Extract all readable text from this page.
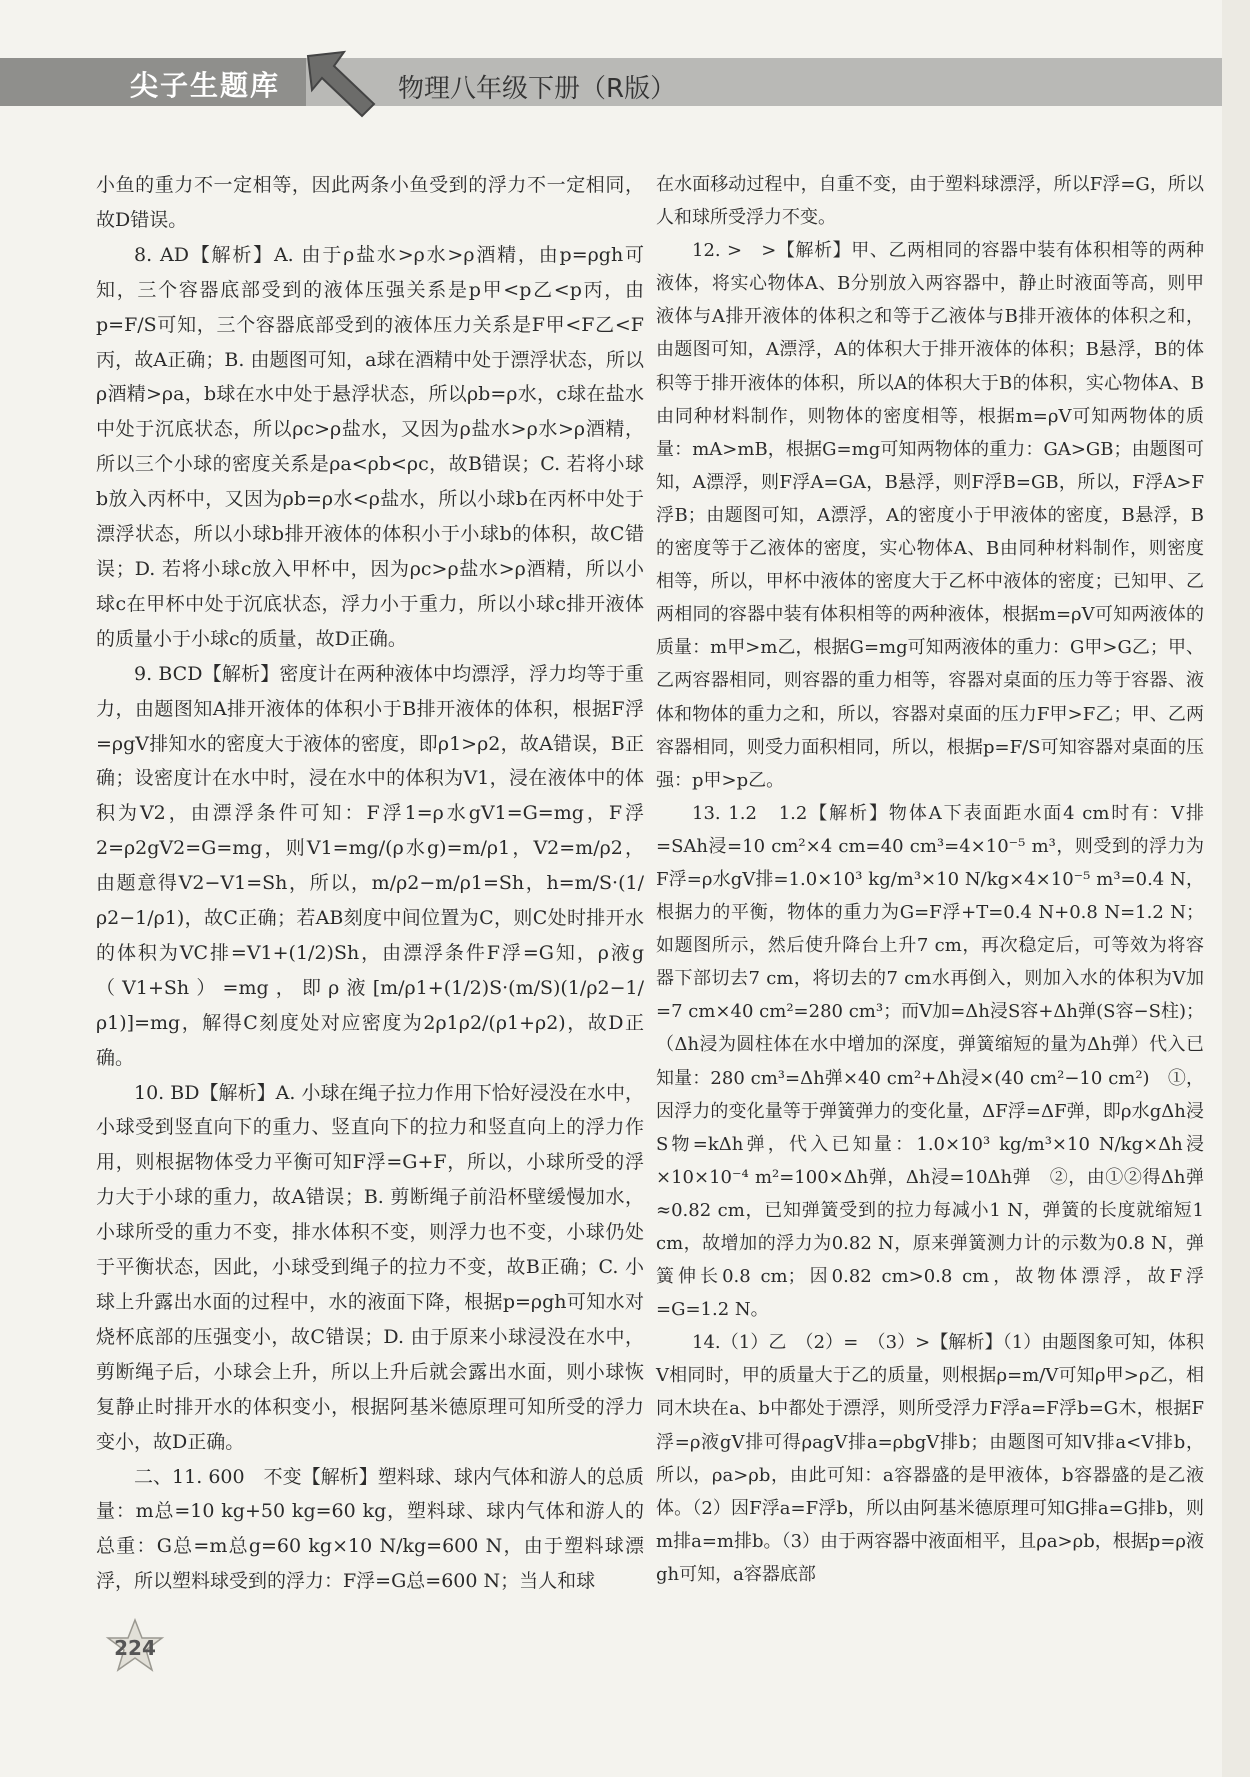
尖子生题库	物理八年级下册（R版）

小鱼的重力不一定相等，因此两条小鱼受到的浮力不一定相同，故D错误。

8. AD【解析】A. 由于ρ盐水>ρ水>ρ酒精，由p=ρgh可知，三个容器底部受到的液体压强关系是p甲<p乙<p丙，由p=F/S可知，三个容器底部受到的液体压力关系是F甲<F乙<F丙，故A正确；B. 由题图可知，a球在酒精中处于漂浮状态，所以ρ酒精>ρa，b球在水中处于悬浮状态，所以ρb=ρ水，c球在盐水中处于沉底状态，所以ρc>ρ盐水，又因为ρ盐水>ρ水>ρ酒精，所以三个小球的密度关系是ρa<ρb<ρc，故B错误；C. 若将小球b放入丙杯中，又因为ρb=ρ水<ρ盐水，所以小球b在丙杯中处于漂浮状态，所以小球b排开液体的体积小于小球b的体积，故C错误；D. 若将小球c放入甲杯中，因为ρc>ρ盐水>ρ酒精，所以小球c在甲杯中处于沉底状态，浮力小于重力，所以小球c排开液体的质量小于小球c的质量，故D正确。

9. BCD【解析】密度计在两种液体中均漂浮，浮力均等于重力，由题图知A排开液体的体积小于B排开液体的体积，根据F浮=ρgV排知水的密度大于液体的密度，即ρ1>ρ2，故A错误，B正确；设密度计在水中时，浸在水中的体积为V1，浸在液体中的体积为V2，由漂浮条件可知：F浮1=ρ水gV1=G=mg，F浮2=ρ2gV2=G=mg，则V1=mg/(ρ水g)=m/ρ1，V2=m/ρ2，由题意得V2−V1=Sh，所以，m/ρ2−m/ρ1=Sh，h=m/S·(1/ρ2−1/ρ1)，故C正确；若AB刻度中间位置为C，则C处时排开水的体积为VC排=V1+(1/2)Sh，由漂浮条件F浮=G知，ρ液g（V1+Sh）=mg，即ρ液[m/ρ1+(1/2)S·(m/S)(1/ρ2−1/ρ1)]=mg，解得C刻度处对应密度为2ρ1ρ2/(ρ1+ρ2)，故D正确。

10. BD【解析】A. 小球在绳子拉力作用下恰好浸没在水中，小球受到竖直向下的重力、竖直向下的拉力和竖直向上的浮力作用，则根据物体受力平衡可知F浮=G+F，所以，小球所受的浮力大于小球的重力，故A错误；B. 剪断绳子前沿杯壁缓慢加水，小球所受的重力不变，排水体积不变，则浮力也不变，小球仍处于平衡状态，因此，小球受到绳子的拉力不变，故B正确；C. 小球上升露出水面的过程中，水的液面下降，根据p=ρgh可知水对烧杯底部的压强变小，故C错误；D. 由于原来小球浸没在水中，剪断绳子后，小球会上升，所以上升后就会露出水面，则小球恢复静止时排开水的体积变小，根据阿基米德原理可知所受的浮力变小，故D正确。

二、11. 600　不变【解析】塑料球、球内气体和游人的总质量：m总=10 kg+50 kg=60 kg，塑料球、球内气体和游人的总重：G总=m总g=60 kg×10 N/kg=600 N，由于塑料球漂浮，所以塑料球受到的浮力：F浮=G总=600 N；当人和球

在水面移动过程中，自重不变，由于塑料球漂浮，所以F浮=G，所以人和球所受浮力不变。

12. >　>【解析】甲、乙两相同的容器中装有体积相等的两种液体，将实心物体A、B分别放入两容器中，静止时液面等高，则甲液体与A排开液体的体积之和等于乙液体与B排开液体的体积之和，由题图可知，A漂浮，A的体积大于排开液体的体积；B悬浮，B的体积等于排开液体的体积，所以A的体积大于B的体积，实心物体A、B由同种材料制作，则物体的密度相等，根据m=ρV可知两物体的质量：mA>mB，根据G=mg可知两物体的重力：GA>GB；由题图可知，A漂浮，则F浮A=GA，B悬浮，则F浮B=GB，所以，F浮A>F浮B；由题图可知，A漂浮，A的密度小于甲液体的密度，B悬浮，B的密度等于乙液体的密度，实心物体A、B由同种材料制作，则密度相等，所以，甲杯中液体的密度大于乙杯中液体的密度；已知甲、乙两相同的容器中装有体积相等的两种液体，根据m=ρV可知两液体的质量：m甲>m乙，根据G=mg可知两液体的重力：G甲>G乙；甲、乙两容器相同，则容器的重力相等，容器对桌面的压力等于容器、液体和物体的重力之和，所以，容器对桌面的压力F甲>F乙；甲、乙两容器相同，则受力面积相同，所以，根据p=F/S可知容器对桌面的压强：p甲>p乙。

13. 1.2　1.2【解析】物体A下表面距水面4 cm时有：V排=SAh浸=10 cm²×4 cm=40 cm³=4×10⁻⁵ m³，则受到的浮力为F浮=ρ水gV排=1.0×10³ kg/m³×10 N/kg×4×10⁻⁵ m³=0.4 N，根据力的平衡，物体的重力为G=F浮+T=0.4 N+0.8 N=1.2 N；如题图所示，然后使升降台上升7 cm，再次稳定后，可等效为将容器下部切去7 cm，将切去的7 cm水再倒入，则加入水的体积为V加=7 cm×40 cm²=280 cm³；而V加=Δh浸S容+Δh弹(S容−S柱)；（Δh浸为圆柱体在水中增加的深度，弹簧缩短的量为Δh弹）代入已知量：280 cm³=Δh弹×40 cm²+Δh浸×(40 cm²−10 cm²)　①，因浮力的变化量等于弹簧弹力的变化量，ΔF浮=ΔF弹，即ρ水gΔh浸S物=kΔh弹，代入已知量：1.0×10³ kg/m³×10 N/kg×Δh浸×10×10⁻⁴ m²=100×Δh弹，Δh浸=10Δh弹　②，由①②得Δh弹≈0.82 cm，已知弹簧受到的拉力每减小1 N，弹簧的长度就缩短1 cm，故增加的浮力为0.82 N，原来弹簧测力计的示数为0.8 N，弹簧伸长0.8 cm；因0.82 cm>0.8 cm，故物体漂浮，故F浮=G=1.2 N。

14.（1）乙　（2）=　（3）>【解析】（1）由题图象可知，体积V相同时，甲的质量大于乙的质量，则根据ρ=m/V可知ρ甲>ρ乙，相同木块在a、b中都处于漂浮，则所受浮力F浮a=F浮b=G木，根据F浮=ρ液gV排可得ρagV排a=ρbgV排b；由题图可知V排a<V排b，所以，ρa>ρb，由此可知：a容器盛的是甲液体，b容器盛的是乙液体。（2）因F浮a=F浮b，所以由阿基米德原理可知G排a=G排b，则m排a=m排b。（3）由于两容器中液面相平，且ρa>ρb，根据p=ρ液gh可知，a容器底部

224
